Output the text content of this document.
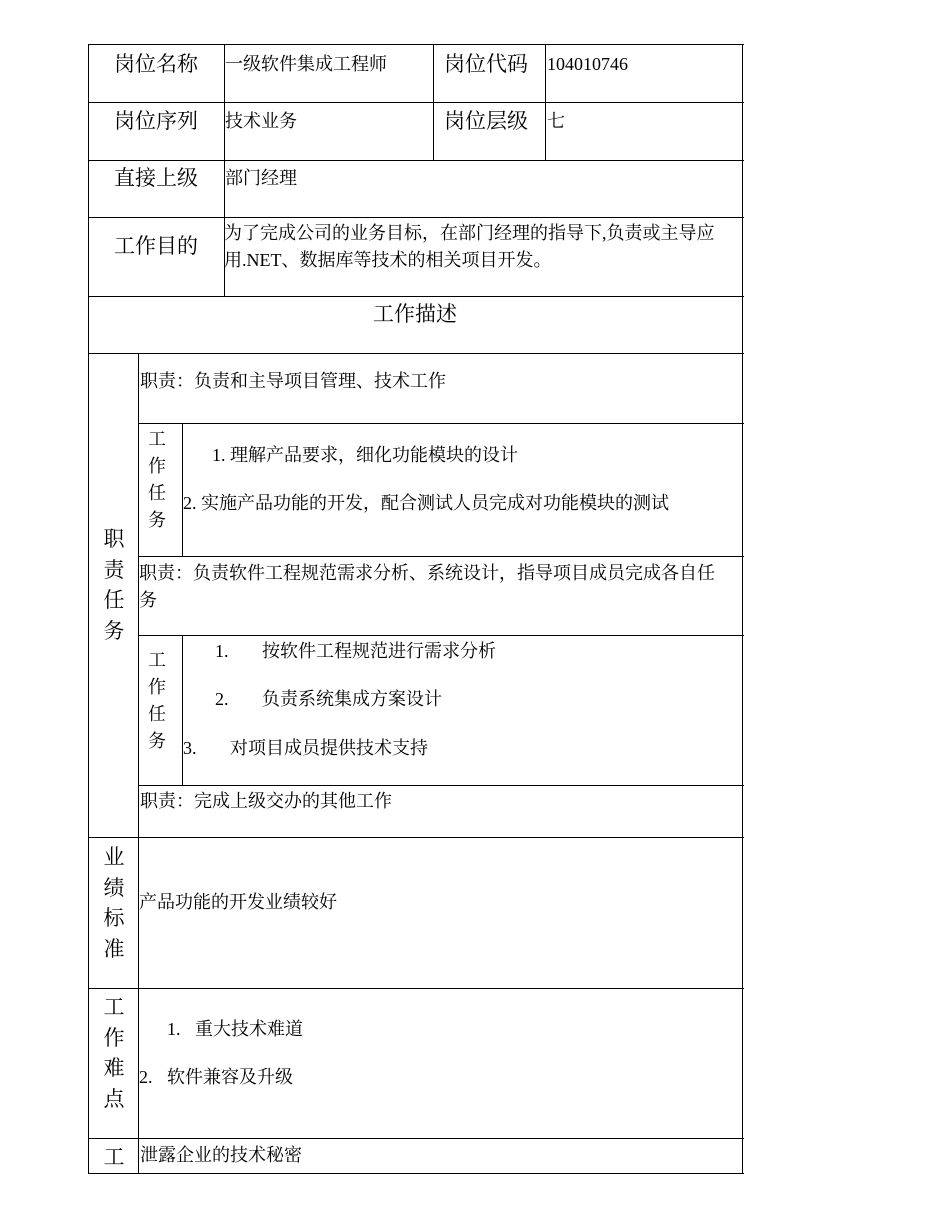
岗位名称 一级软件集成工程师	岗位代码 104010746
岗位序列 技术业务	岗位层级 七
直接上级 部门经理
工作目的
为了完成公司的业务目标，在部门经理的指导下,负责或主导应用.NET、数据库等技术的相关项目开发。
工作描述
职责任务
职责：负责和主导项目管理、技术工作
工作任务
1. 理解产品要求，细化功能模块的设计
2. 实施产品功能的开发，配合测试人员完成对功能模块的测试
职责：负责软件工程规范需求分析、系统设计，指导项目成员完成各自任务
工作任务
1. 按软件工程规范进行需求分析
2. 负责系统集成方案设计
3. 对项目成员提供技术支持
职责：完成上级交办的其他工作
业绩标准
产品功能的开发业绩较好
工作难点
1. 重大技术难道
2. 软件兼容及升级
工 泄露企业的技术秘密
